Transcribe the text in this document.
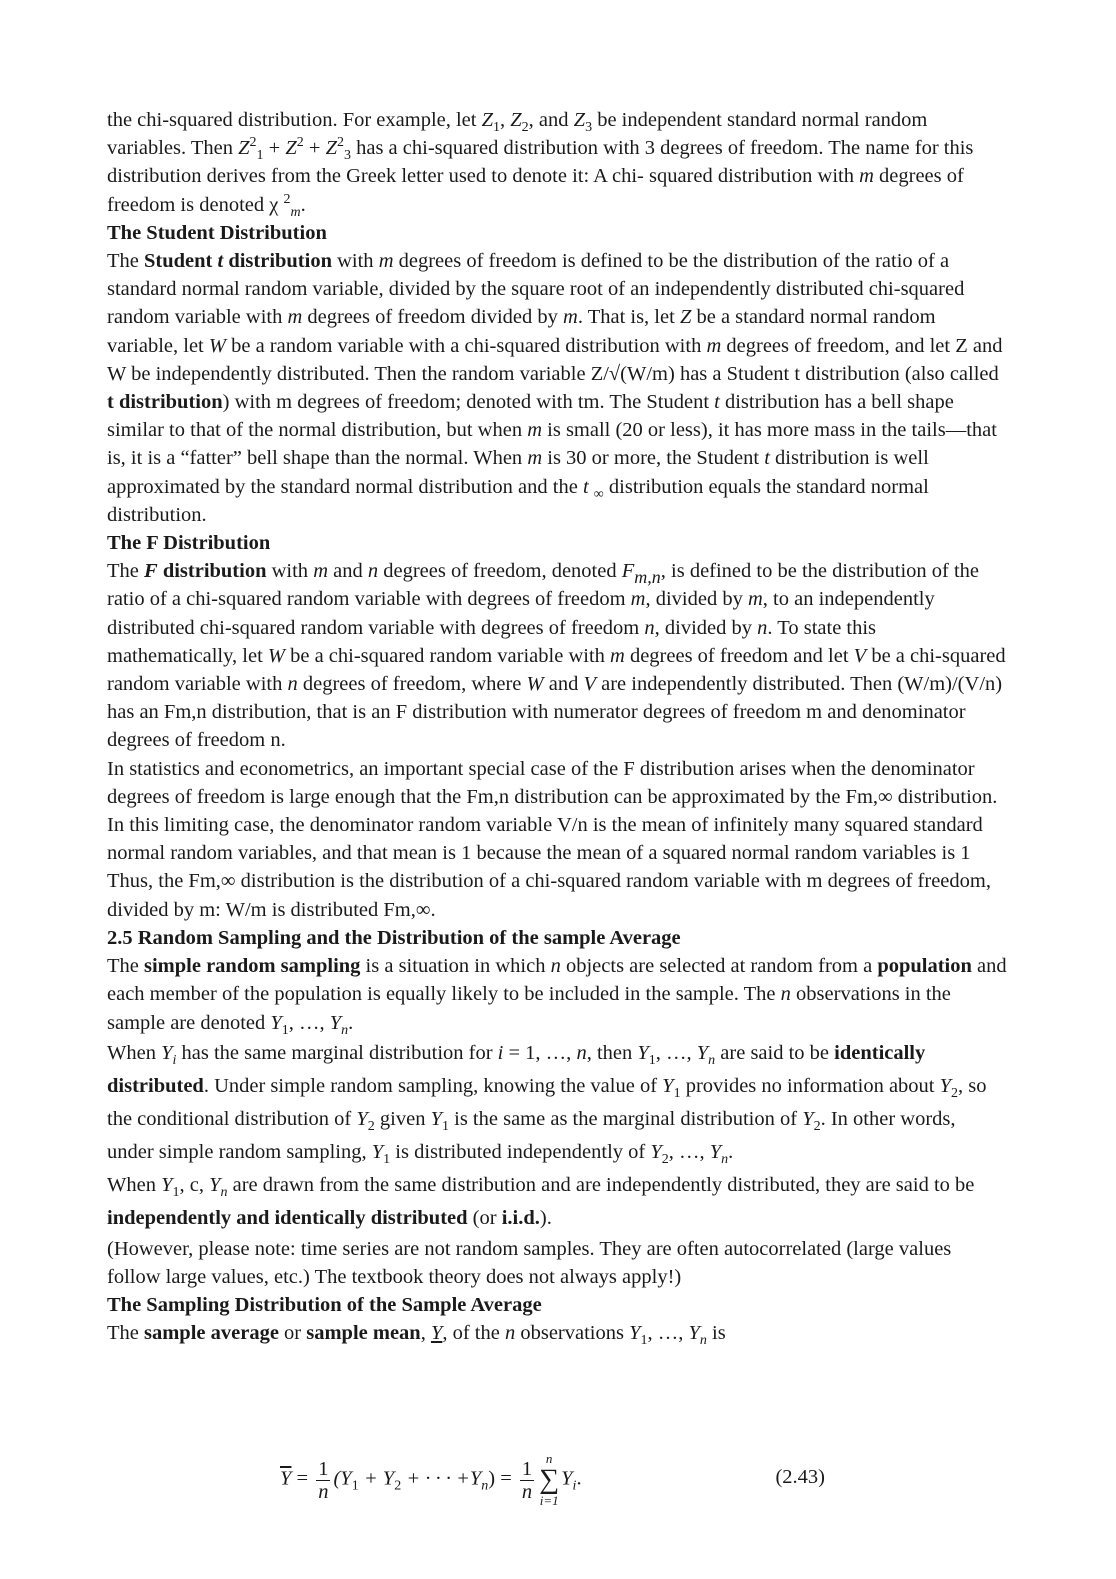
the chi-squared distribution. For example, let $Z_1$, $Z_2$, and $Z_3$ be independent standard normal random variables. Then $Z^2_1 + Z^2 + Z^2_3$ has a chi-squared distribution with 3 degrees of freedom. The name for this distribution derives from the Greek letter used to denote it: A chi- squared distribution with m degrees of freedom is denoted χ $^2_m$.

The Student Distribution

The Student t distribution with m degrees of freedom is defined to be the distribution of the ratio of a standard normal random variable, divided by the square root of an independently distributed chi-squared random variable with m degrees of freedom divided by m. That is, let Z be a standard normal random variable, let W be a random variable with a chi-squared distribution with m degrees of freedom, and let Z and W be independently distributed. Then the random variable Z/√(W/m) has a Student t distribution (also called t distribution) with m degrees of freedom; denoted with tm. The Student t distribution has a bell shape similar to that of the normal distribution, but when m is small (20 or less), it has more mass in the tails—that is, it is a “fatter” bell shape than the normal. When m is 30 or more, the Student t distribution is well approximated by the standard normal distribution and the t $_\infty$ distribution equals the standard normal distribution.

The F Distribution

The F distribution with m and n degrees of freedom, denoted Fm,n, is defined to be the distribution of the ratio of a chi-squared random variable with degrees of freedom m, divided by m, to an independently distributed chi-squared random variable with degrees of freedom n, divided by n. To state this mathematically, let W be a chi-squared random variable with m degrees of freedom and let V be a chi-squared random variable with n degrees of freedom, where W and V are independently distributed. Then (W/m)/(V/n) has an Fm,n distribution, that is an F distribution with numerator degrees of freedom m and denominator degrees of freedom n.

In statistics and econometrics, an important special case of the F distribution arises when the denominator degrees of freedom is large enough that the Fm,n distribution can be approximated by the Fm,∞ distribution. In this limiting case, the denominator random variable V/n is the mean of infinitely many squared standard normal random variables, and that mean is 1 because the mean of a squared normal random variables is 1 Thus, the Fm,∞ distribution is the distribution of a chi-squared random variable with m degrees of freedom, divided by m: W/m is distributed Fm,∞.

2.5 Random Sampling and the Distribution of the sample Average

The simple random sampling is a situation in which n objects are selected at random from a population and each member of the population is equally likely to be included in the sample. The n observations in the sample are denoted $Y_1$, …, $Y_n$.

When $Y_i$ has the same marginal distribution for i = 1, …, n, then $Y_1$, …, $Y_n$ are said to be identically distributed. Under simple random sampling, knowing the value of $Y_1$ provides no information about $Y_2$, so the conditional distribution of $Y_2$ given $Y_1$ is the same as the marginal distribution of $Y_2$. In other words, under simple random sampling, $Y_1$ is distributed independently of $Y_2$, …, $Y_n$.

When $Y_1$, c, $Y_n$ are drawn from the same distribution and are independently distributed, they are said to be independently and identically distributed (or i.i.d.).

(However, please note: time series are not random samples. They are often autocorrelated (large values follow large values, etc.) The textbook theory does not always apply!)

The Sampling Distribution of the Sample Average

The sample average or sample mean, Y, of the n observations $Y_1$, …, $Y_n$ is

$\overline{Y} = \frac{1}{n} (Y_1 + Y_2$ + · · · $+Y_n) = \frac{1}{n}$ n
∑
i=1
$Y_i$.	(2.43)
